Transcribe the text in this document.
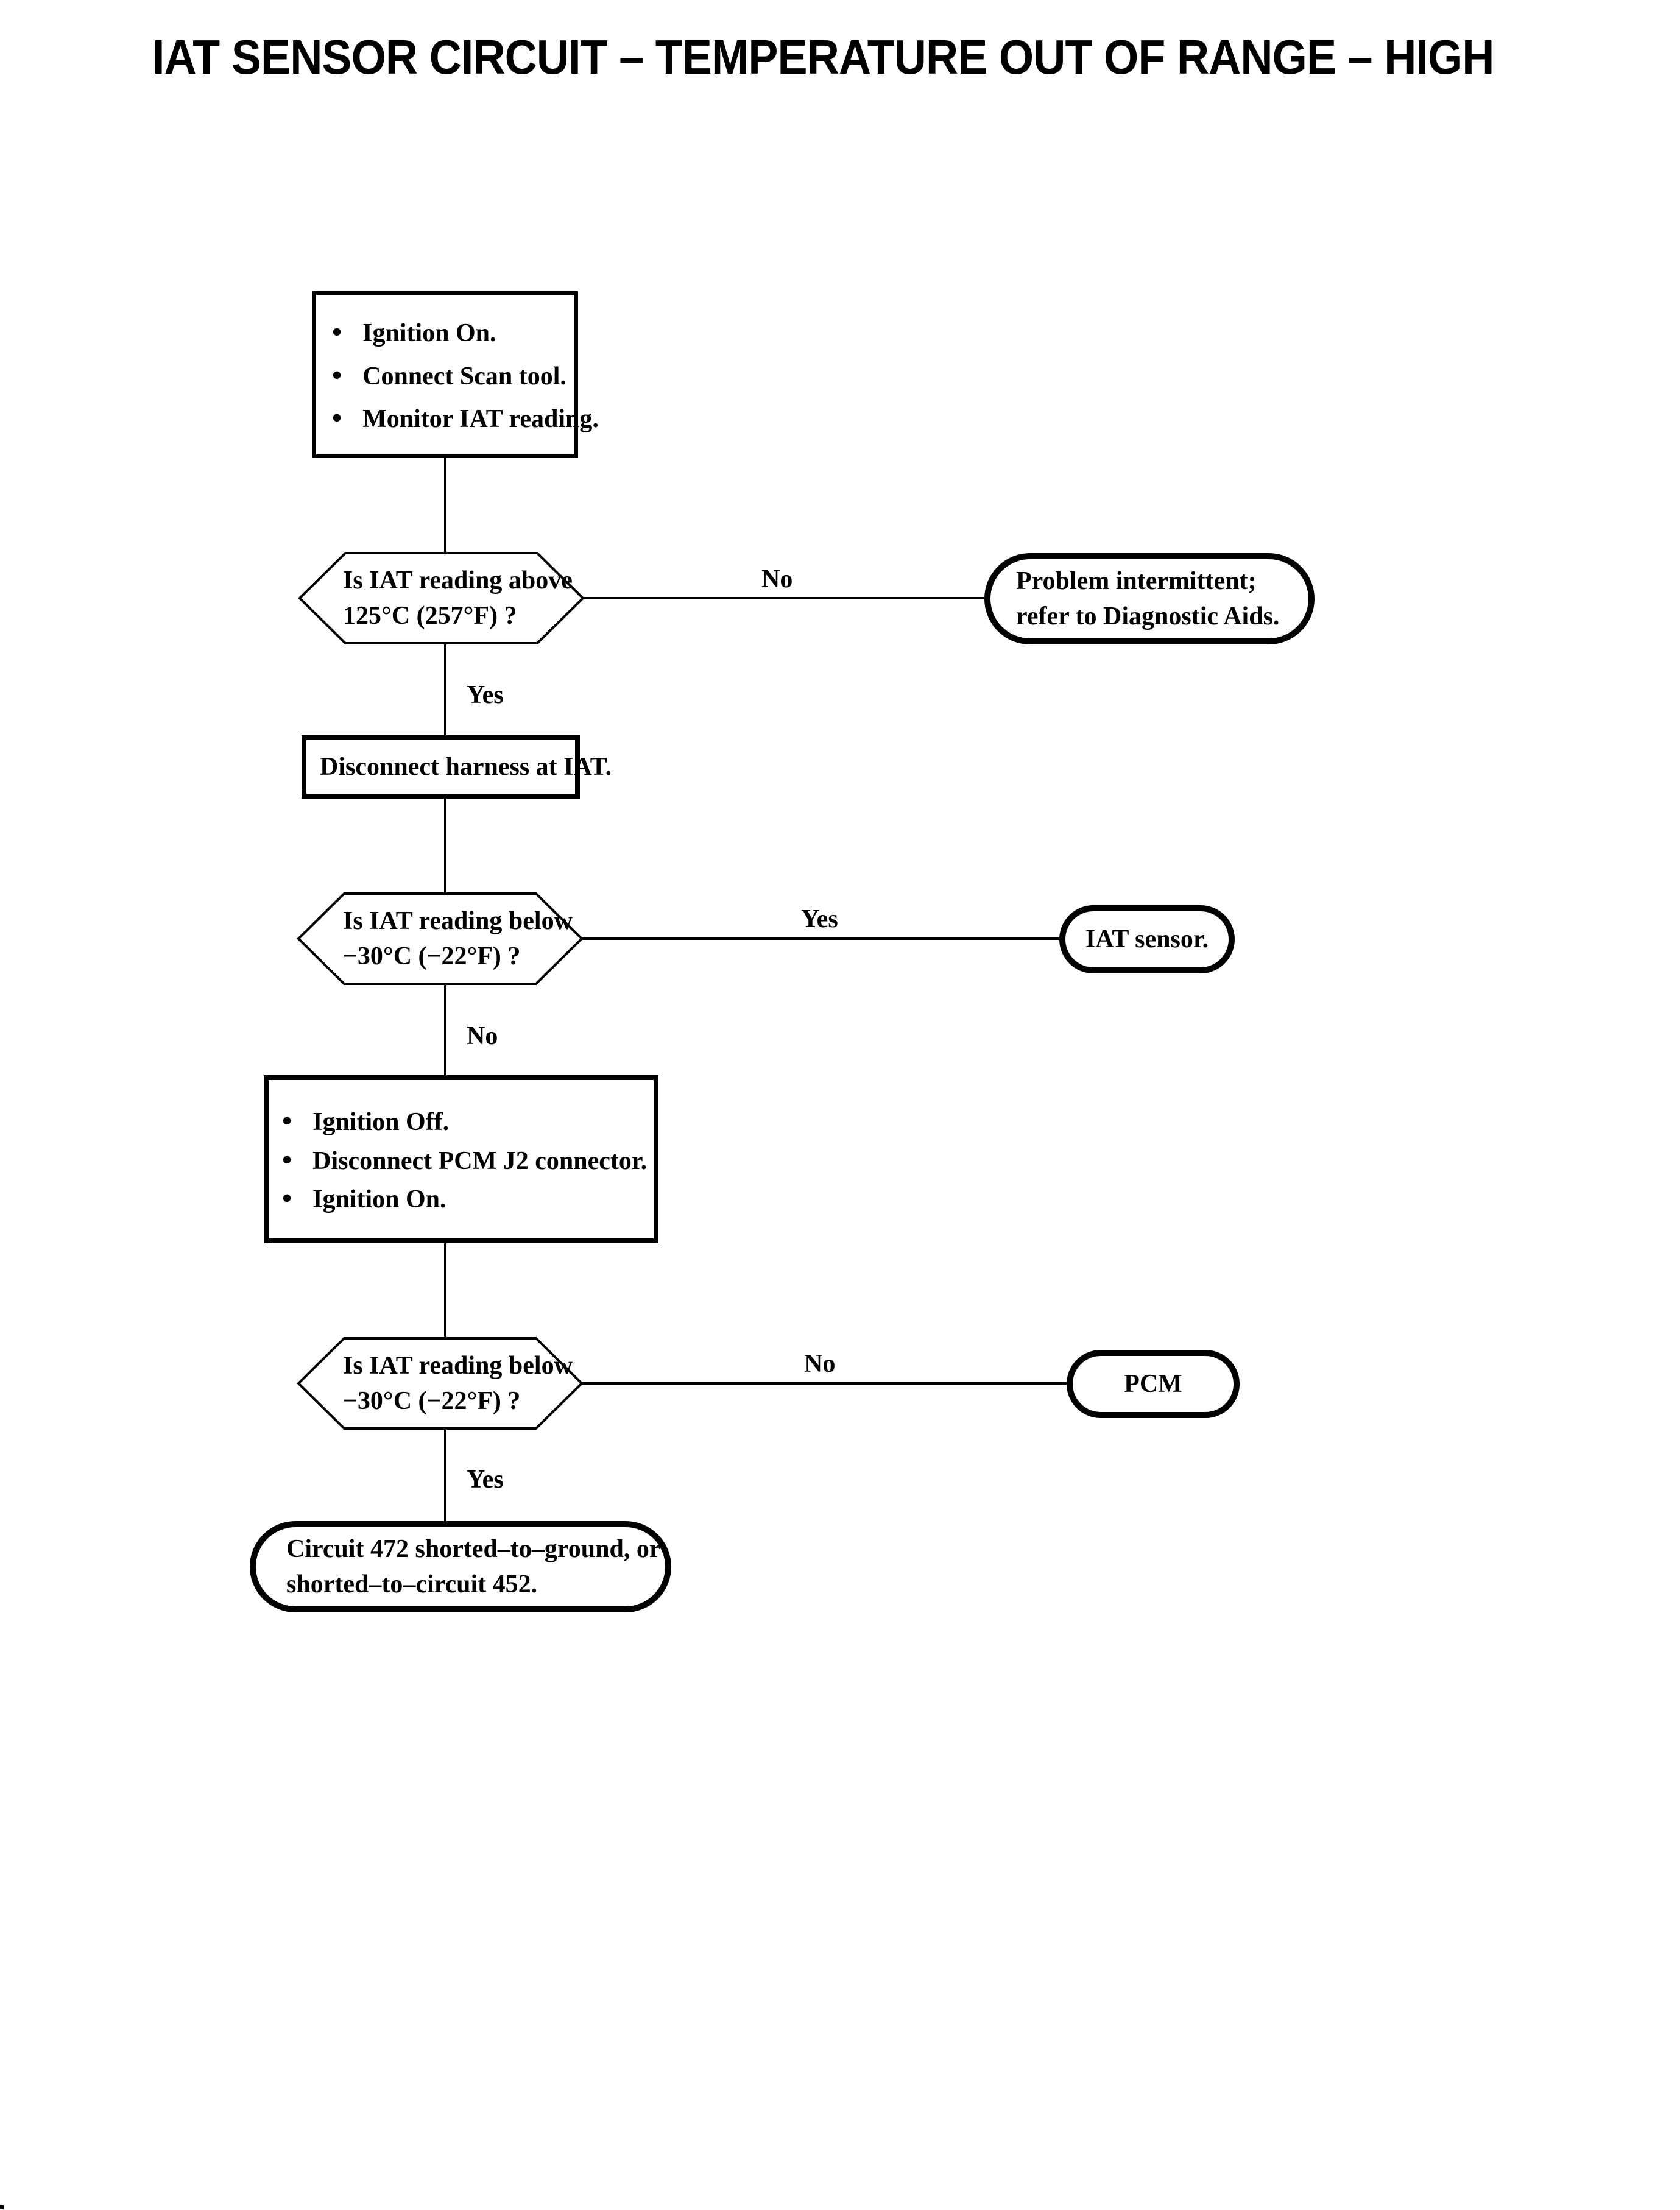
IAT SENSOR CIRCUIT – TEMPERATURE OUT OF RANGE – HIGH
• Ignition On.
• Connect Scan tool.
• Monitor IAT reading.
Is IAT reading above
125°C (257°F) ?
No	Problem intermittent;
refer to Diagnostic Aids.
Yes
Disconnect harness at IAT.
Is IAT reading below
−30°C (−22°F) ?
Yes
IAT sensor.
No
• Ignition Off.
• Disconnect PCM J2 connector.
• Ignition On.
Is IAT reading below
−30°C (−22°F) ?
No
PCM
Yes
Circuit 472 shorted–to–ground, or
shorted–to–circuit 452.
